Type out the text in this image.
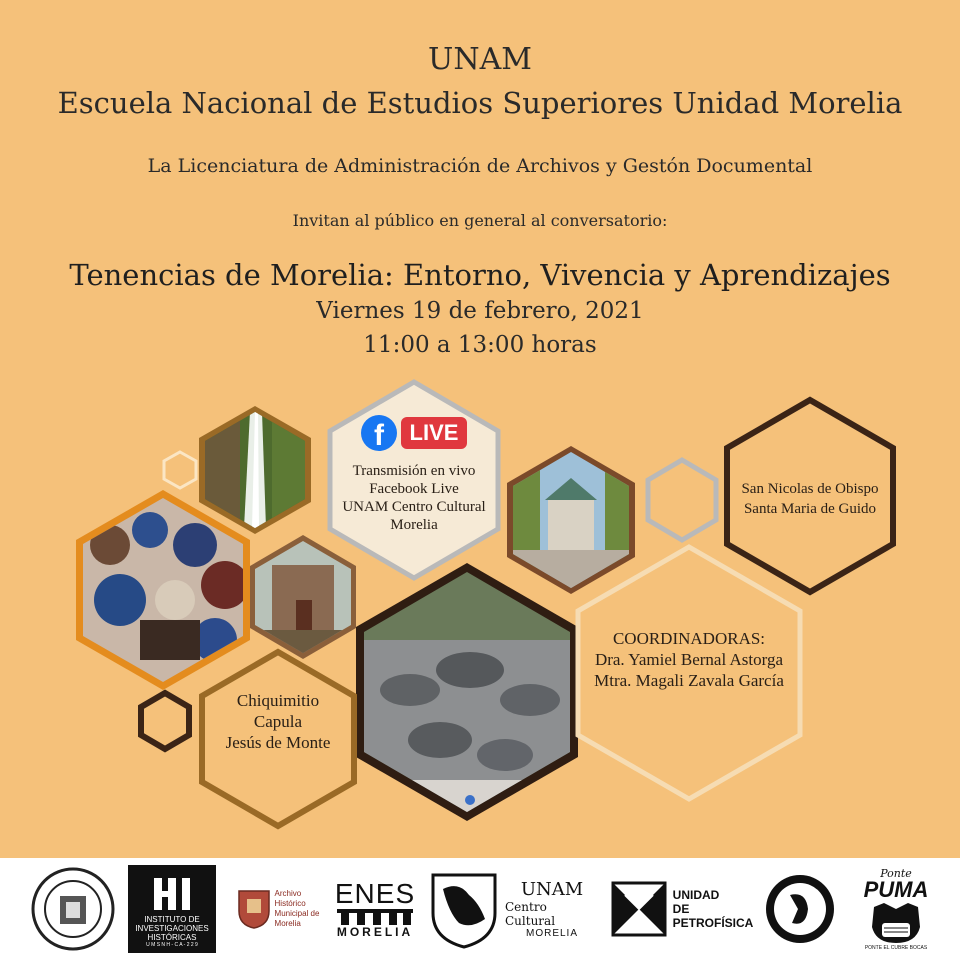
UNAM
Escuela Nacional de Estudios Superiores Unidad Morelia
La Licenciatura de Administración de Archivos y Gestón Documental
Invitan al público en general al conversatorio:
Tenencias de Morelia: Entorno, Vivencia y Aprendizajes
Viernes 19 de febrero, 2021
11:00 a 13:00 horas
f	LIVE
Transmisión en vivo
Facebook Live
UNAM Centro Cultural
Morelia
San Nicolas de Obispo
Santa Maria de Guido
Chiquimitio
Capula
Jesús de Monte
COORDINADORAS:
Dra. Yamiel Bernal Astorga
Mtra. Magali Zavala García
INSTITUTO DE
INVESTIGACIONES
HISTÓRICAS
U M S N H - C A - 2 2 9
Archivo
Histórico
Municipal de
Morelia
ENES
MORELIA
UNAM
Centro Cultural
MORELIA
UNIDAD
DE
PETROFÍSICA
Ponte
PUMA
PONTE EL CUBRE BOCAS
